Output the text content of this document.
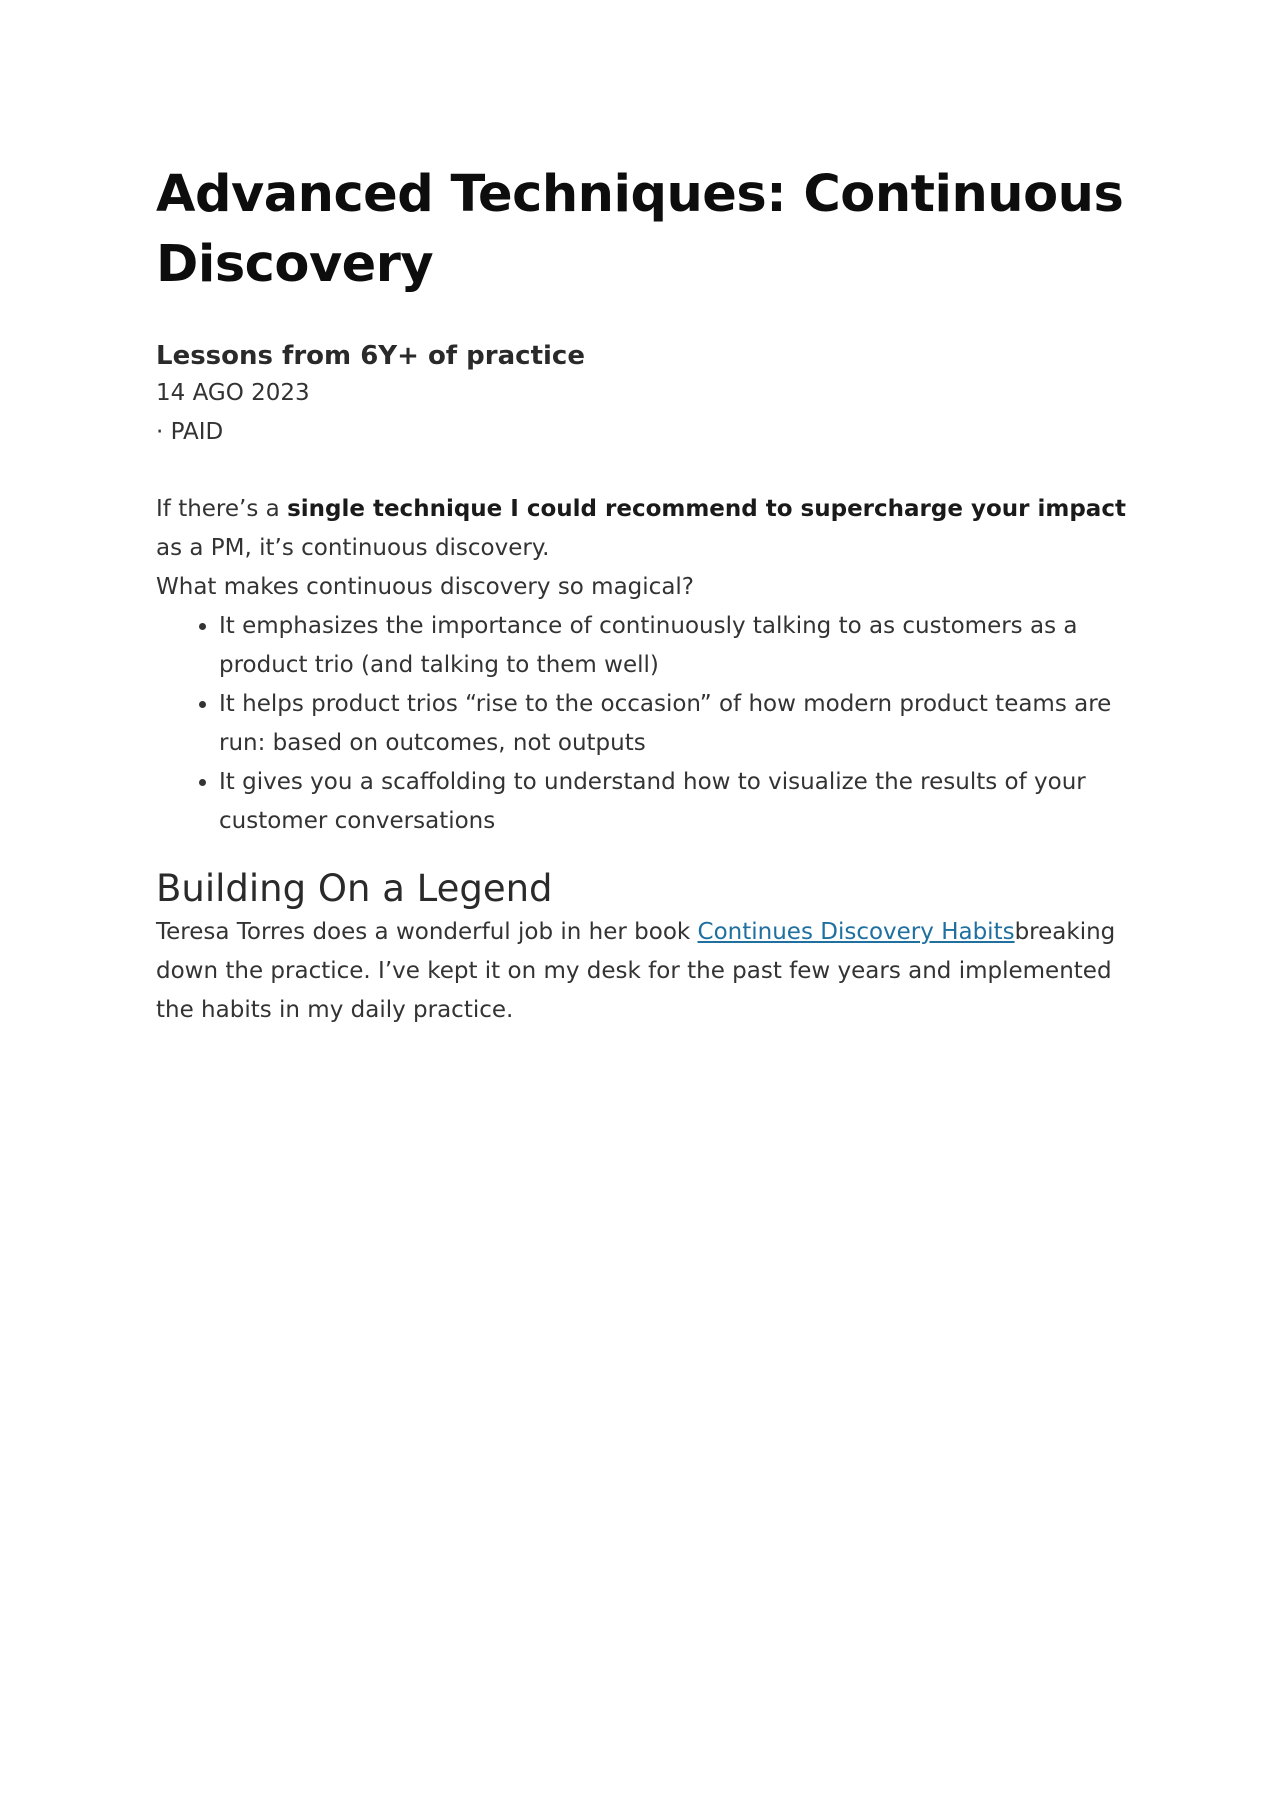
Advanced Techniques: Continuous Discovery

Lessons from 6Y+ of practice

14 AGO 2023

· PAID

If there’s a single technique I could recommend to supercharge your impact as a PM, it’s continuous discovery.

What makes continuous discovery so magical?

• It emphasizes the importance of continuously talking to as customers as a product trio (and talking to them well)
• It helps product trios “rise to the occasion” of how modern product teams are run: based on outcomes, not outputs
• It gives you a scaffolding to understand how to visualize the results of your customer conversations
Building On a Legend

Teresa Torres does a wonderful job in her book Continues Discovery Habitsbreaking down the practice. I’ve kept it on my desk for the past few years and implemented the habits in my daily practice.
